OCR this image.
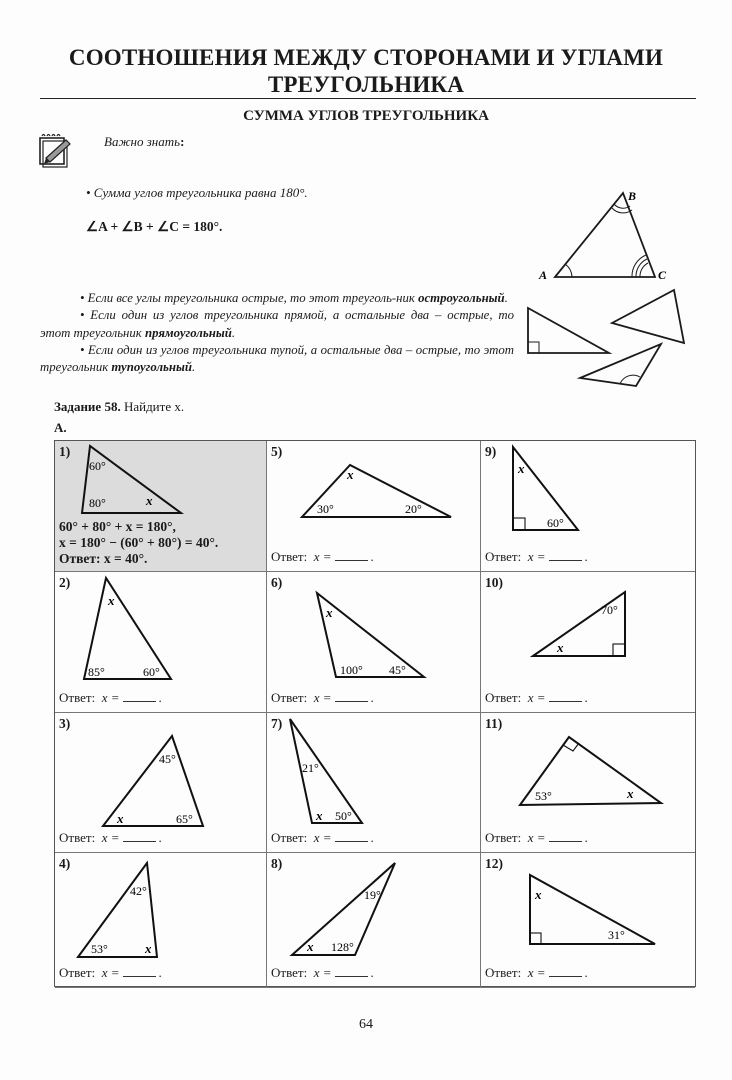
СООТНОШЕНИЯ МЕЖДУ СТОРОНАМИ И УГЛАМИ
ТРЕУГОЛЬНИКА
СУММА УГЛОВ ТРЕУГОЛЬНИКА
Важно знать:
• Сумма углов треугольника равна 180°.
∠A + ∠B + ∠C = 180°.

• Если все углы треугольника острые, то этот треуголь-ник остроугольный.

• Если один из углов треугольника прямой, а остальные два – острые, то этот треугольник прямоугольный.

• Если один из углов треугольника тупой, а остальные два – острые, то этот треугольник тупоугольный.

A
B
C
Задание 58. Найдите x.
А.
1)
60°
80°	x
60° + 80° + x = 180°,
x = 180° − (60° + 80°) = 40°.
Ответ: x = 40°.
2)
x
85°	60°
Ответ: x =	.
3)
45°
x	65°
Ответ: x =	.
4)
42°
53°	x
Ответ: x =	.
5)
x
30°	20°
Ответ: x =	.
6)
x
100° 45°
Ответ: x =	.
7)
21°
x 50°
Ответ: x =	.
8)
19°
x 128°
Ответ: x =	.
9)
x
60°
Ответ: x =	.
10)
70°
x
Ответ: x =	.
11)
53°	x
Ответ: x =	.
12)
x
31°
Ответ: x =	.
64
